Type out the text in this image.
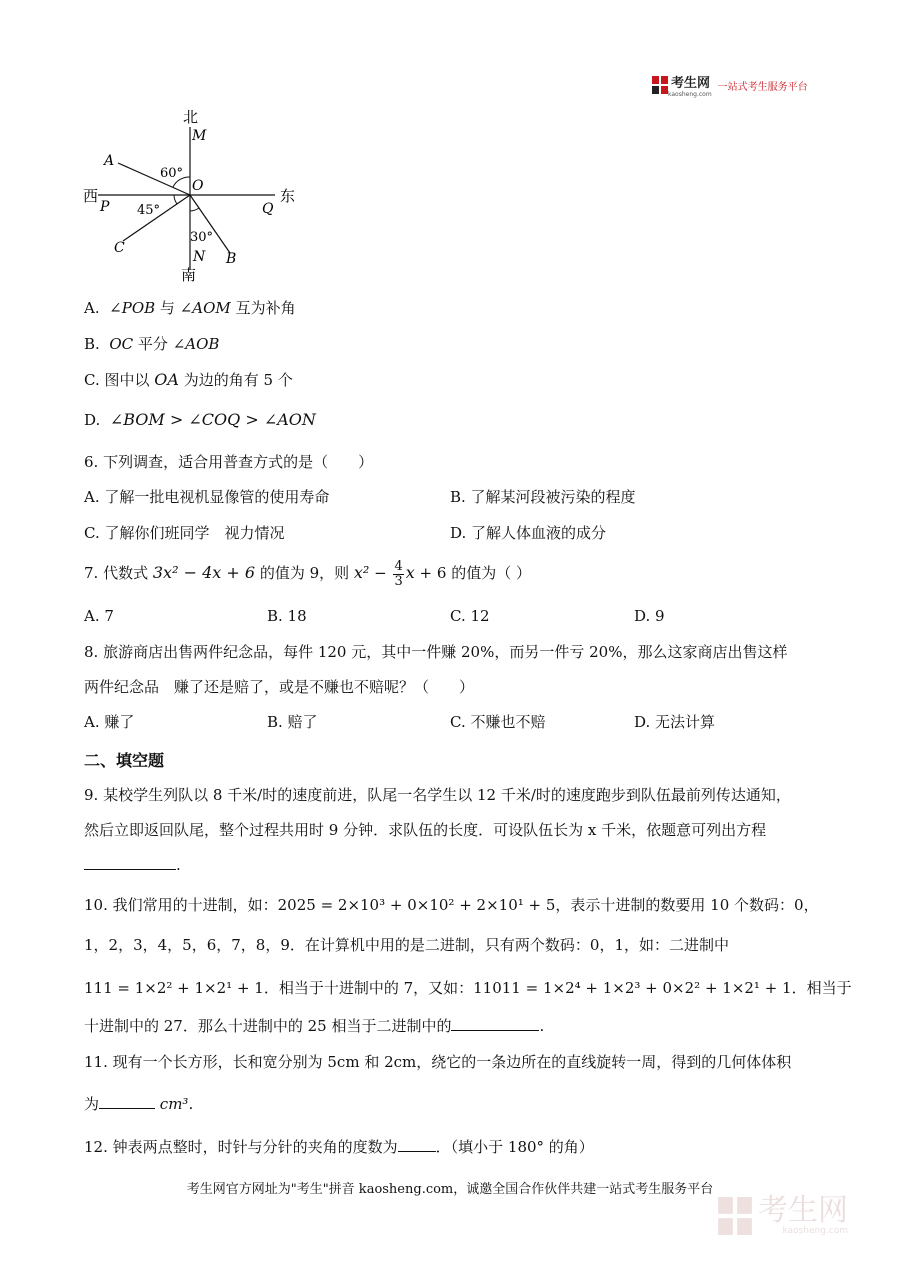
考生网
kaosheng.com
一站式考生服务平台
北
M
A
60°
O
西
P 45°	Q
东
30°
C
N B
南
A. ∠POB 与 ∠AOM 互为补角
B. OC 平分 ∠AOB
C. 图中以 OA 为边的角有 5 个
D. ∠BOM > ∠COQ > ∠AON
6. 下列调查，适合用普查方式的是（　　）
A. 了解一批电视机显像管的使用寿命	B. 了解某河段被污染的程度
C. 了解你们班同学　视力情况	D. 了解人体血液的成分
7. 代数式 3x² − 4x + 6 的值为 9，则 $x^2 - \frac{4}{3}$ x + 6 的值为（ ）
A. 7	B. 18	C. 12	D. 9
8. 旅游商店出售两件纪念品，每件 120 元，其中一件赚 20%，而另一件亏 20%，那么这家商店出售这样
两件纪念品　赚了还是赔了，或是不赚也不赔呢？（　　）
A. 赚了	B. 赔了	C. 不赚也不赔	D. 无法计算
二、填空题
9. 某校学生列队以 8 千米/时的速度前进，队尾一名学生以 12 千米/时的速度跑步到队伍最前列传达通知，
然后立即返回队尾，整个过程共用时 9 分钟．求队伍的长度．可设队伍长为 x 千米，依题意可列出方程
.
10. 我们常用的十进制，如：2025 = 2×10³ + 0×10² + 2×10¹ + 5，表示十进制的数要用 10 个数码：0，
1，2，3，4，5，6，7，8，9．在计算机中用的是二进制，只有两个数码：0，1，如：二进制中
111 = 1×2² + 1×2¹ + 1．相当于十进制中的 7，又如：11011 = 1×2⁴ + 1×2³ + 0×2² + 1×2¹ + 1．相当于
十进制中的 27．那么十进制中的 25 相当于二进制中的	.
11. 现有一个长方形，长和宽分别为 5cm 和 2cm，绕它的一条边所在的直线旋转一周，得到的几何体体积
为	cm³．
12. 钟表两点整时，时针与分针的夹角的度数为	．（填小于 180° 的角）
考生网官方网址为"考生"拼音 kaosheng.com，诚邀全国合作伙伴共建一站式考生服务平台
考生网
kaosheng.com
